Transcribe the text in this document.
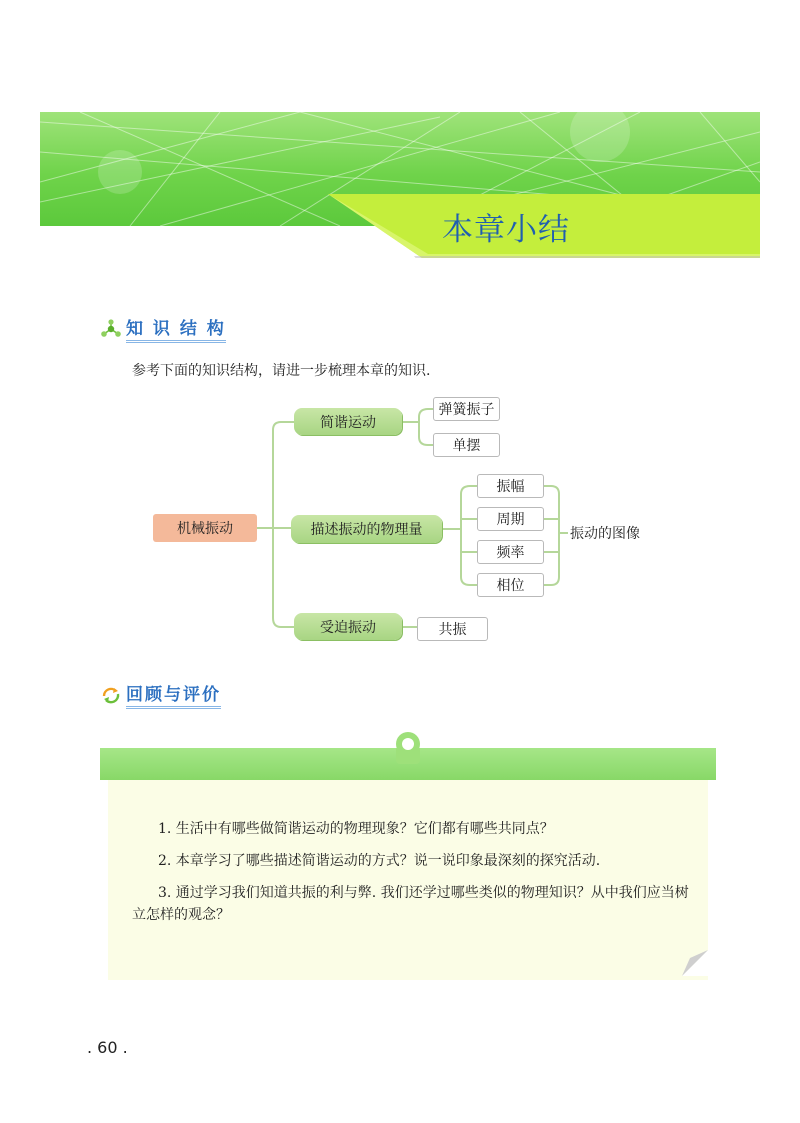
本章小结
知 识 结 构
参考下面的知识结构，请进一步梳理本章的知识.
机械振动
简谐运动
描述振动的物理量
受迫振动
弹簧振子
单摆
振幅
周期
频率
相位
共振
振动的图像
回顾与评价
1. 生活中有哪些做简谐运动的物理现象？它们都有哪些共同点？
2. 本章学习了哪些描述简谐运动的方式？说一说印象最深刻的探究活动.
3. 通过学习我们知道共振的利与弊. 我们还学过哪些类似的物理知识？从中我们应当树立怎样的观念？
. 60 .
